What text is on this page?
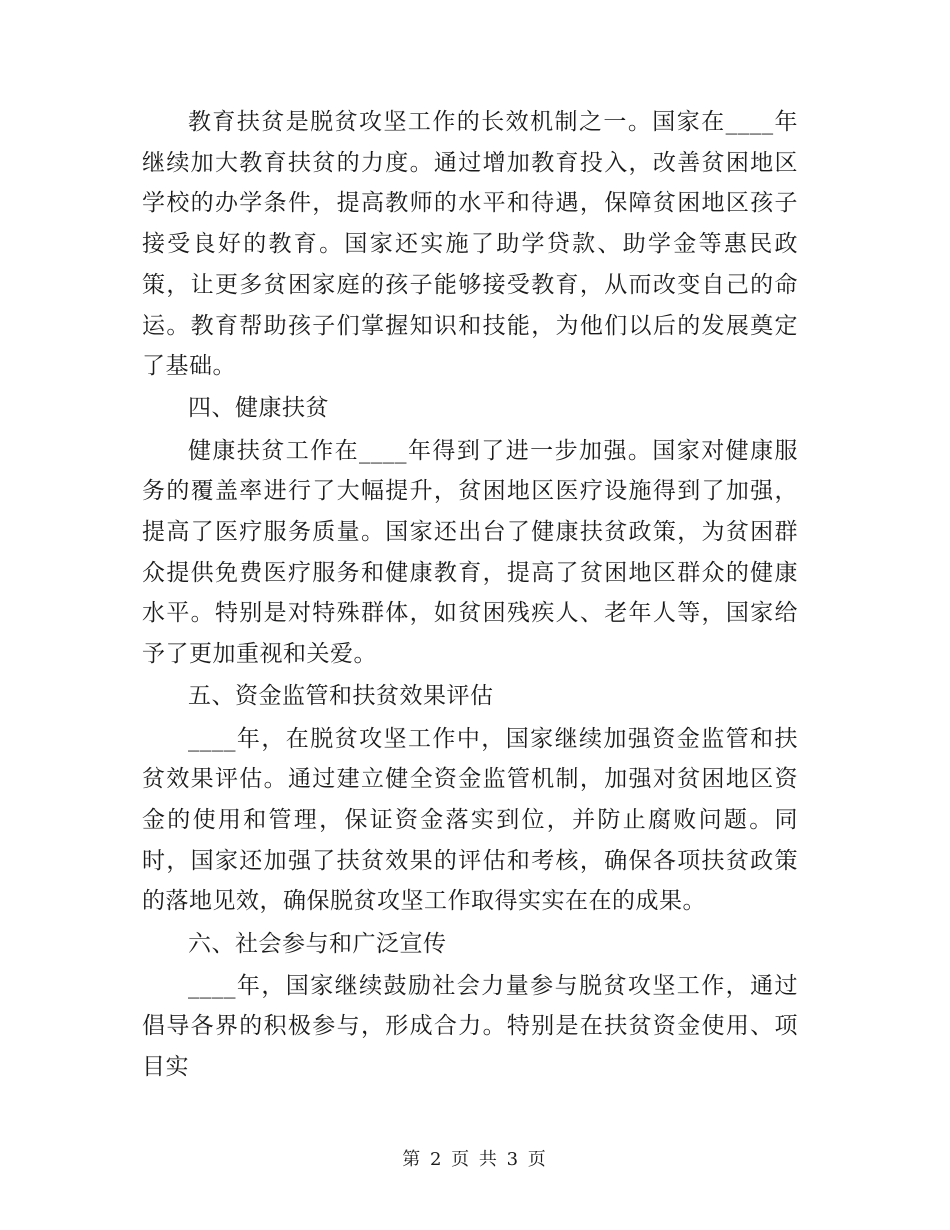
教育扶贫是脱贫攻坚工作的长效机制之一。国家在____年继续加大教育扶贫的力度。通过增加教育投入，改善贫困地区学校的办学条件，提高教师的水平和待遇，保障贫困地区孩子接受良好的教育。国家还实施了助学贷款、助学金等惠民政策，让更多贫困家庭的孩子能够接受教育，从而改变自己的命运。教育帮助孩子们掌握知识和技能，为他们以后的发展奠定了基础。

四、健康扶贫

健康扶贫工作在____年得到了进一步加强。国家对健康服务的覆盖率进行了大幅提升，贫困地区医疗设施得到了加强，提高了医疗服务质量。国家还出台了健康扶贫政策，为贫困群众提供免费医疗服务和健康教育，提高了贫困地区群众的健康水平。特别是对特殊群体，如贫困残疾人、老年人等，国家给予了更加重视和关爱。

五、资金监管和扶贫效果评估

____年，在脱贫攻坚工作中，国家继续加强资金监管和扶贫效果评估。通过建立健全资金监管机制，加强对贫困地区资金的使用和管理，保证资金落实到位，并防止腐败问题。同时，国家还加强了扶贫效果的评估和考核，确保各项扶贫政策的落地见效，确保脱贫攻坚工作取得实实在在的成果。

六、社会参与和广泛宣传

____年，国家继续鼓励社会力量参与脱贫攻坚工作，通过倡导各界的积极参与，形成合力。特别是在扶贫资金使用、项目实

第 2 页 共 3 页
